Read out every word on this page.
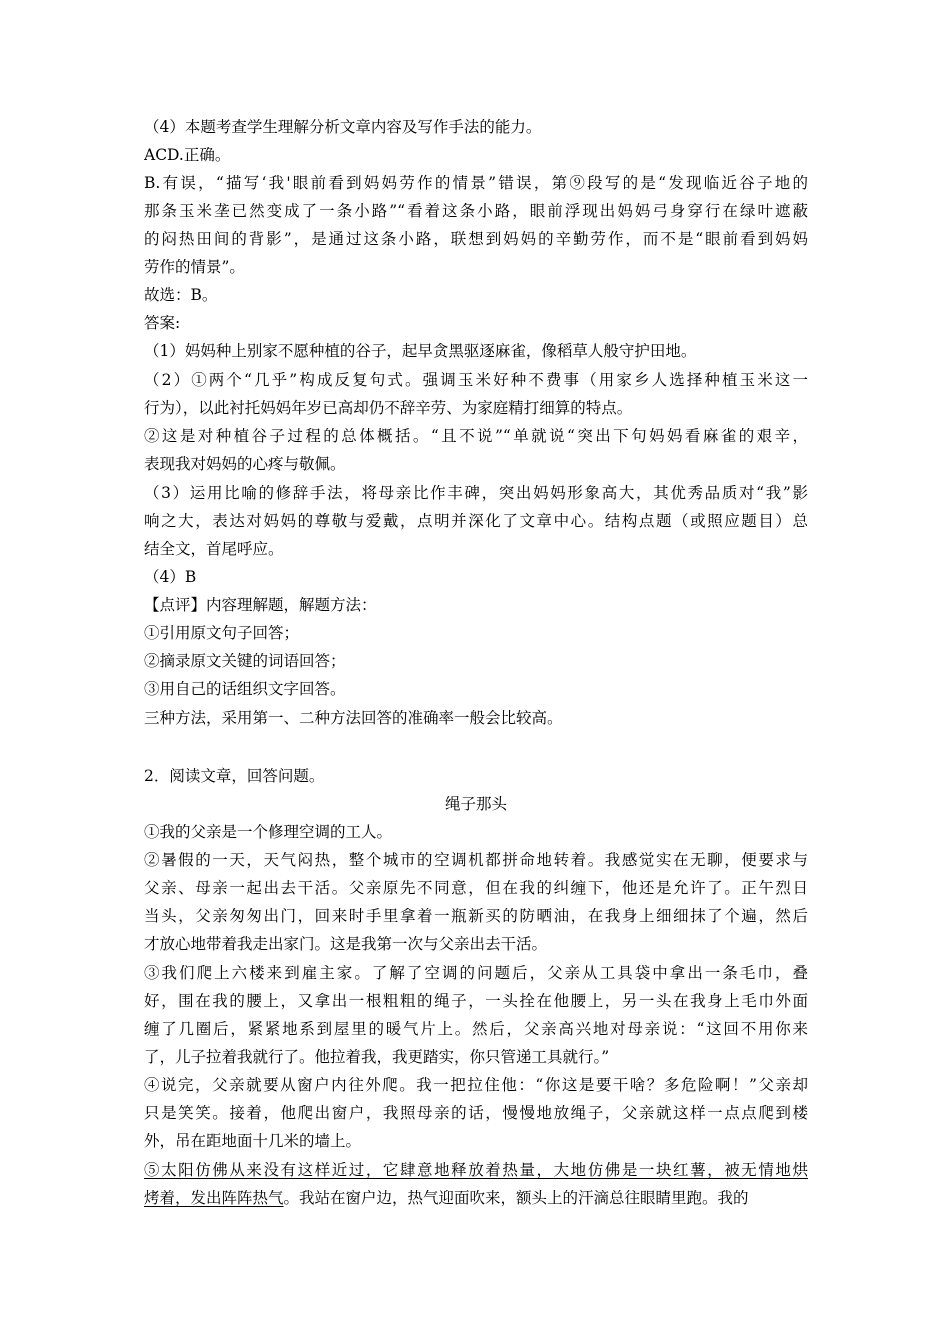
（4）本题考查学生理解分析文章内容及写作手法的能力。
ACD.正确。
B.有误，“描写‘我'眼前看到妈妈劳作的情景”错误，第⑨段写的是“发现临近谷子地的
那条玉米垄已然变成了一条小路”“看着这条小路，眼前浮现出妈妈弓身穿行在绿叶遮蔽
的闷热田间的背影”，是通过这条小路，联想到妈妈的辛勤劳作，而不是“眼前看到妈妈
劳作的情景”。
故选：B。
答案:
（1）妈妈种上别家不愿种植的谷子，起早贪黑驱逐麻雀，像稻草人般守护田地。
（2）①两个“几乎”构成反复句式。强调玉米好种不费事（用家乡人选择种植玉米这一
行为），以此衬托妈妈年岁已高却仍不辞辛劳、为家庭精打细算的特点。
②这是对种植谷子过程的总体概括。“且不说”“单就说“突出下句妈妈看麻雀的艰辛，
表现我对妈妈的心疼与敬佩。
（3）运用比喻的修辞手法，将母亲比作丰碑，突出妈妈形象高大，其优秀品质对“我”影
响之大，表达对妈妈的尊敬与爱戴，点明并深化了文章中心。结构点题（或照应题目）总
结全文，首尾呼应。
（4）B
【点评】内容理解题，解题方法：
①引用原文句子回答；
②摘录原文关键的词语回答；
③用自己的话组织文字回答。
三种方法，采用第一、二种方法回答的准确率一般会比较高。
2．阅读文章，回答问题。
绳子那头
①我的父亲是一个修理空调的工人。
②暑假的一天，天气闷热，整个城市的空调机都拼命地转着。我感觉实在无聊，便要求与
父亲、母亲一起出去干活。父亲原先不同意，但在我的纠缠下，他还是允许了。正午烈日
当头，父亲匆匆出门，回来时手里拿着一瓶新买的防晒油，在我身上细细抹了个遍，然后
才放心地带着我走出家门。这是我第一次与父亲出去干活。
③我们爬上六楼来到雇主家。了解了空调的问题后，父亲从工具袋中拿出一条毛巾，叠
好，围在我的腰上，又拿出一根粗粗的绳子，一头拴在他腰上，另一头在我身上毛巾外面
缠了几圈后，紧紧地系到屋里的暖气片上。然后，父亲高兴地对母亲说：“这回不用你来
了，儿子拉着我就行了。他拉着我，我更踏实，你只管递工具就行。”
④说完，父亲就要从窗户内往外爬。我一把拉住他：“你这是要干啥？多危险啊！”父亲却
只是笑笑。接着，他爬出窗户，我照母亲的话，慢慢地放绳子，父亲就这样一点点爬到楼
外，吊在距地面十几米的墙上。
⑤太阳仿佛从来没有这样近过，它肆意地释放着热量，大地仿佛是一块红薯，被无情地烘
烤着，发出阵阵热气。我站在窗户边，热气迎面吹来，额头上的汗滴总往眼睛里跑。我的
